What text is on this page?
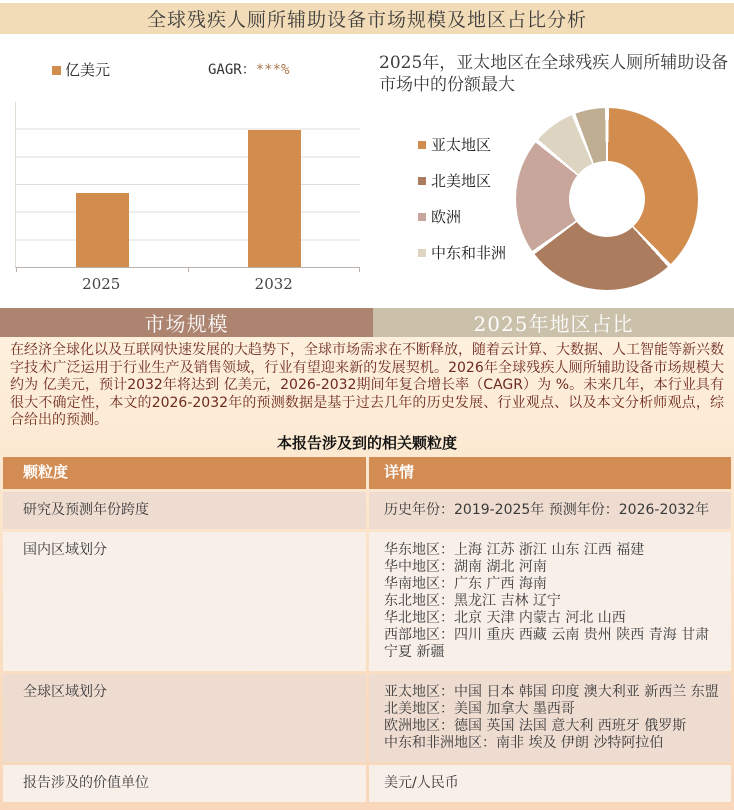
全球残疾人厕所辅助设备市场规模及地区占比分析
亿美元	GAGR：***%
2025	2032
2025年，亚太地区在全球残疾人厕所辅助设备市场中的份额最大
亚太地区
北美地区
欧洲
中东和非洲
市场规模	2025年地区占比

在经济全球化以及互联网快速发展的大趋势下，全球市场需求在不断释放，随着云计算、大数据、人工智能等新兴数字技术广泛运用于行业生产及销售领域，行业有望迎来新的发展契机。2026年全球残疾人厕所辅助设备市场规模大约为 亿美元，预计2032年将达到 亿美元，2026-2032期间年复合增长率（CAGR）为 %。未来几年，本行业具有很大不确定性，本文的2026-2032年的预测数据是基于过去几年的历史发展、行业观点、以及本文分析师观点，综合给出的预测。

本报告涉及到的相关颗粒度
颗粒度	详情
研究及预测年份跨度	历史年份：2019-2025年 预测年份：2026-2032年
国内区域划分	华东地区：上海 江苏 浙江 山东 江西 福建
华中地区：湖南 湖北 河南
华南地区：广东 广西 海南
东北地区：黑龙江 吉林 辽宁
华北地区：北京 天津 内蒙古 河北 山西
西部地区：四川 重庆 西藏 云南 贵州 陕西 青海 甘肃 宁夏 新疆
全球区域划分	亚太地区：中国 日本 韩国 印度 澳大利亚 新西兰 东盟
北美地区：美国 加拿大 墨西哥
欧洲地区：德国 英国 法国 意大利 西班牙 俄罗斯
中东和非洲地区：南非 埃及 伊朗 沙特阿拉伯
报告涉及的价值单位	美元/人民币
